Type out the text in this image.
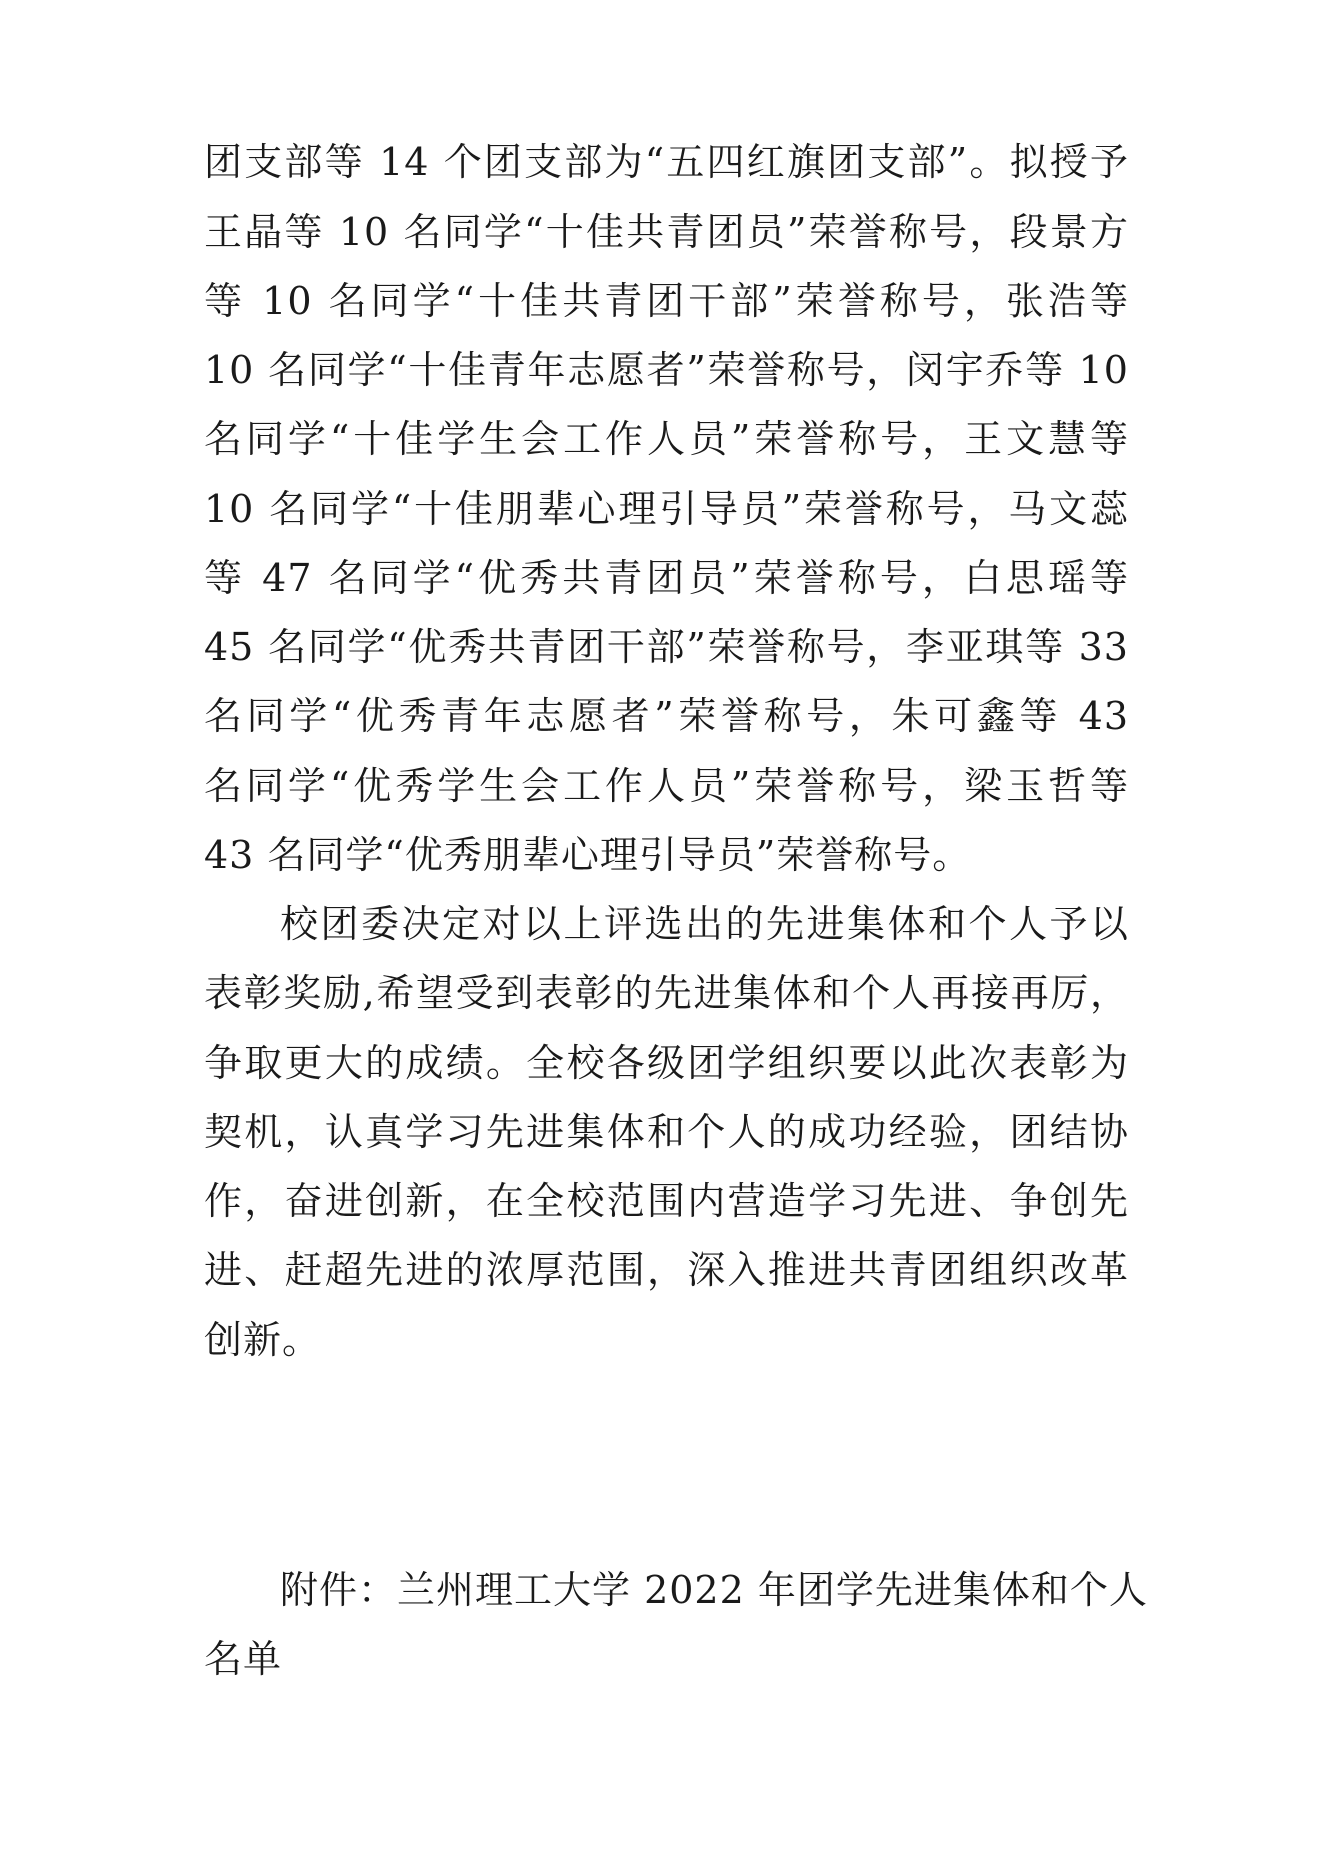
团支部等 14 个团支部为“五四红旗团支部”。拟授予
王晶等 10 名同学“十佳共青团员”荣誉称号，段景方
等 10 名同学“十佳共青团干部”荣誉称号，张浩等
10 名同学“十佳青年志愿者”荣誉称号，闵宇乔等 10
名同学“十佳学生会工作人员”荣誉称号，王文慧等
10 名同学“十佳朋辈心理引导员”荣誉称号，马文蕊
等 47 名同学“优秀共青团员”荣誉称号，白思瑶等
45 名同学“优秀共青团干部”荣誉称号，李亚琪等 33
名同学“优秀青年志愿者”荣誉称号，朱可鑫等 43
名同学“优秀学生会工作人员”荣誉称号，梁玉哲等
43 名同学“优秀朋辈心理引导员”荣誉称号。
校团委决定对以上评选出的先进集体和个人予以
表彰奖励,希望受到表彰的先进集体和个人再接再厉，
争取更大的成绩。全校各级团学组织要以此次表彰为
契机，认真学习先进集体和个人的成功经验，团结协
作，奋进创新，在全校范围内营造学习先进、争创先
进、赶超先进的浓厚范围，深入推进共青团组织改革
创新。
附件：兰州理工大学 2022 年团学先进集体和个人
名单
